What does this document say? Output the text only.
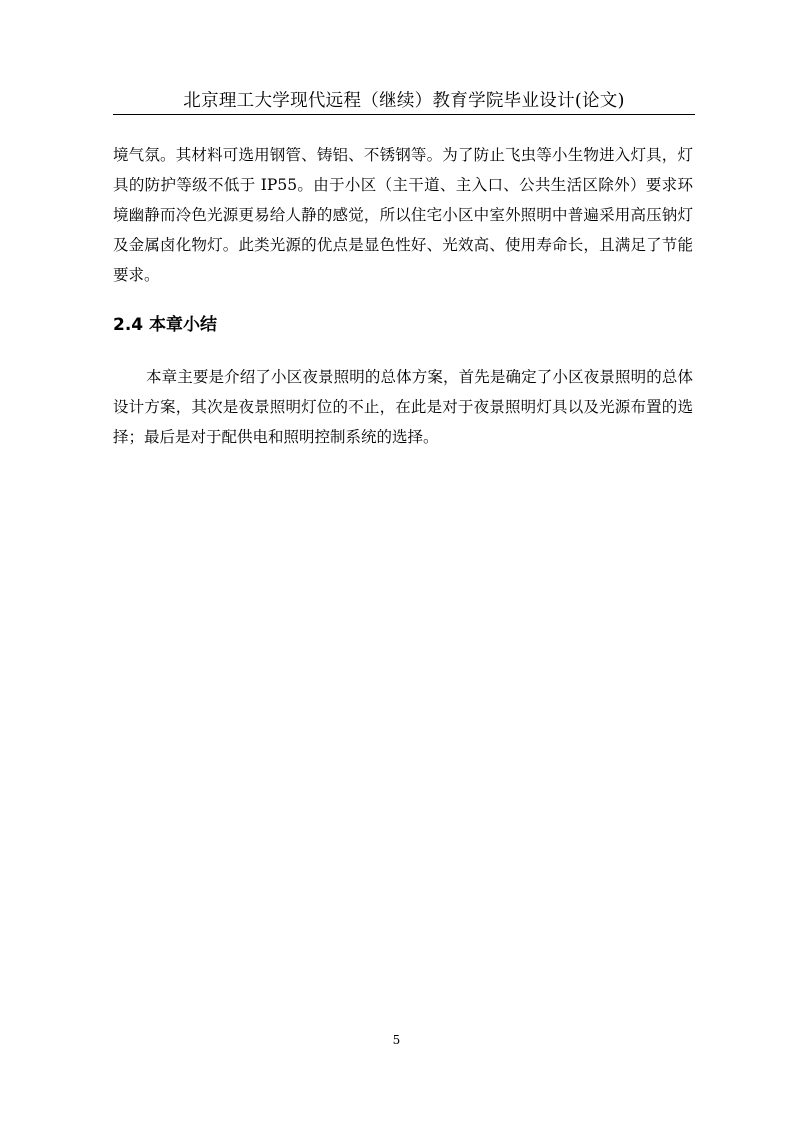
北京理工大学现代远程（继续）教育学院毕业设计(论文)

境气氛。其材料可选用钢管、铸铝、不锈钢等。为了防止飞虫等小生物进入灯具，灯具的防护等级不低于 IP55。由于小区（主干道、主入口、公共生活区除外）要求环境幽静而冷色光源更易给人静的感觉，所以住宅小区中室外照明中普遍采用高压钠灯及金属卤化物灯。此类光源的优点是显色性好、光效高、使用寿命长，且满足了节能要求。

2.4 本章小结

本章主要是介绍了小区夜景照明的总体方案，首先是确定了小区夜景照明的总体设计方案，其次是夜景照明灯位的不止，在此是对于夜景照明灯具以及光源布置的选择；最后是对于配供电和照明控制系统的选择。

5
